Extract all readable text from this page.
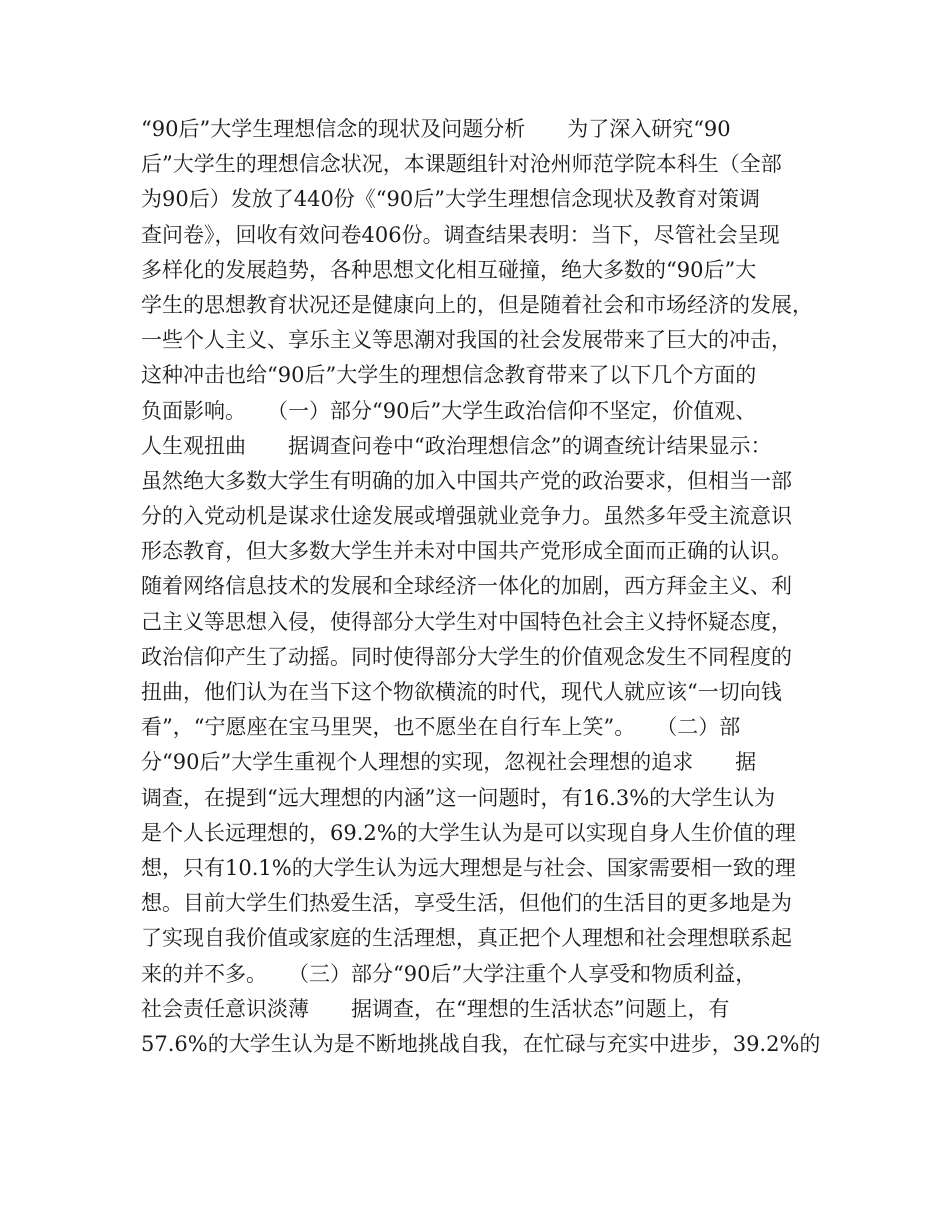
“90后”大学生理想信念的现状及问题分析　　为了深入研究“90
后”大学生的理想信念状况，本课题组针对沧州师范学院本科生（全部
为90后）发放了440份《“90后”大学生理想信念现状及教育对策调
查问卷》，回收有效问卷406份。调查结果表明：当下，尽管社会呈现
多样化的发展趋势，各种思想文化相互碰撞，绝大多数的“90后”大
学生的思想教育状况还是健康向上的，但是随着社会和市场经济的发展，
一些个人主义、享乐主义等思潮对我国的社会发展带来了巨大的冲击，
这种冲击也给“90后”大学生的理想信念教育带来了以下几个方面的
负面影响。　　（一）部分“90后”大学生政治信仰不坚定，价值观、
人生观扭曲　　据调查问卷中“政治理想信念”的调查统计结果显示：
虽然绝大多数大学生有明确的加入中国共产党的政治要求，但相当一部
分的入党动机是谋求仕途发展或增强就业竞争力。虽然多年受主流意识
形态教育，但大多数大学生并未对中国共产党形成全面而正确的认识。
随着网络信息技术的发展和全球经济一体化的加剧，西方拜金主义、利
己主义等思想入侵，使得部分大学生对中国特色社会主义持怀疑态度，
政治信仰产生了动摇。同时使得部分大学生的价值观念发生不同程度的
扭曲，他们认为在当下这个物欲横流的时代，现代人就应该“一切向钱
看”，“宁愿座在宝马里哭，也不愿坐在自行车上笑”。　　（二）部
分“90后”大学生重视个人理想的实现，忽视社会理想的追求　　据
调查，在提到“远大理想的内涵”这一问题时，有16.3%的大学生认为
是个人长远理想的，69.2%的大学生认为是可以实现自身人生价值的理
想，只有10.1%的大学生认为远大理想是与社会、国家需要相一致的理
想。目前大学生们热爱生活，享受生活，但他们的生活目的更多地是为
了实现自我价值或家庭的生活理想，真正把个人理想和社会理想联系起
来的并不多。　　（三）部分“90后”大学注重个人享受和物质利益，
社会责任意识淡薄　　据调查，在“理想的生活状态”问题上，有
57.6%的大学生认为是不断地挑战自我，在忙碌与充实中进步，39.2%的
